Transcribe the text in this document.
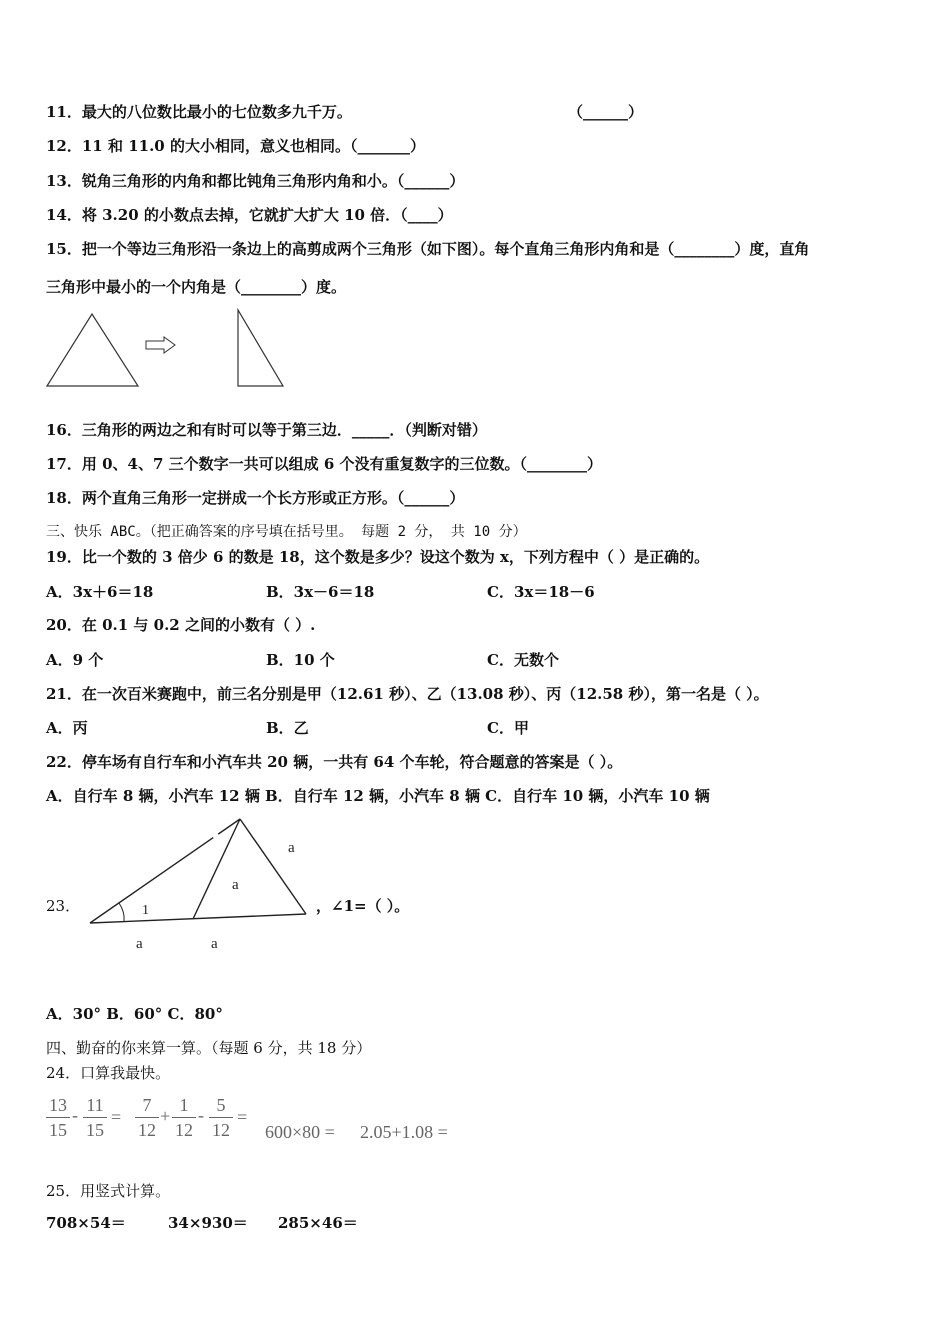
11．最大的八位数比最小的七位数多九千万。	（______）
12．11 和 11.0 的大小相同，意义也相同。（_______）
13．锐角三角形的内角和都比钝角三角形内角和小。（______）
14．将 3.20 的小数点去掉，它就扩大扩大 10 倍．（____）
15．把一个等边三角形沿一条边上的高剪成两个三角形（如下图）。每个直角三角形内角和是（________）度，直角
三角形中最小的一个内角是（________）度。
16．三角形的两边之和有时可以等于第三边．_____．（判断对错）
17．用 0、4、7 三个数字一共可以组成 6 个没有重复数字的三位数。（________）
18．两个直角三角形一定拼成一个长方形或正方形。（______）
三、快乐 ABC。（把正确答案的序号填在括号里。 每题 2 分， 共 10 分）
19．比一个数的 3 倍少 6 的数是 18，这个数是多少？设这个数为 x，下列方程中（ ）是正确的。
A．3x＋6＝18	B．3x－6＝18	C．3x＝18－6
20．在 0.1 与 0.2 之间的小数有（ ）.
A．9 个	B．10 个	C．无数个
21．在一次百米赛跑中，前三名分别是甲（12.61 秒）、乙（13.08 秒）、丙（12.58 秒），第一名是（ ）。
A．丙	B．乙	C．甲
22．停车场有自行车和小汽车共 20 辆，一共有 64 个车轮，符合题意的答案是（ ）。
A．自行车 8 辆，小汽车 12 辆 B．自行车 12 辆，小汽车 8 辆 C．自行车 10 辆，小汽车 10 辆
23．
a
a
1
a	a
，∠1=（ ）。
A．30° B．60° C．80°
四、勤奋的你来算一算。（每题 6 分，共 18 分）
24．口算我最快。
13
15
- 11
15
=
7
12
+
1
12
- 5
12
=
600×80 = 2.05+1.08 =
25．用竖式计算。
708×54＝	34×930＝ 285×46＝
